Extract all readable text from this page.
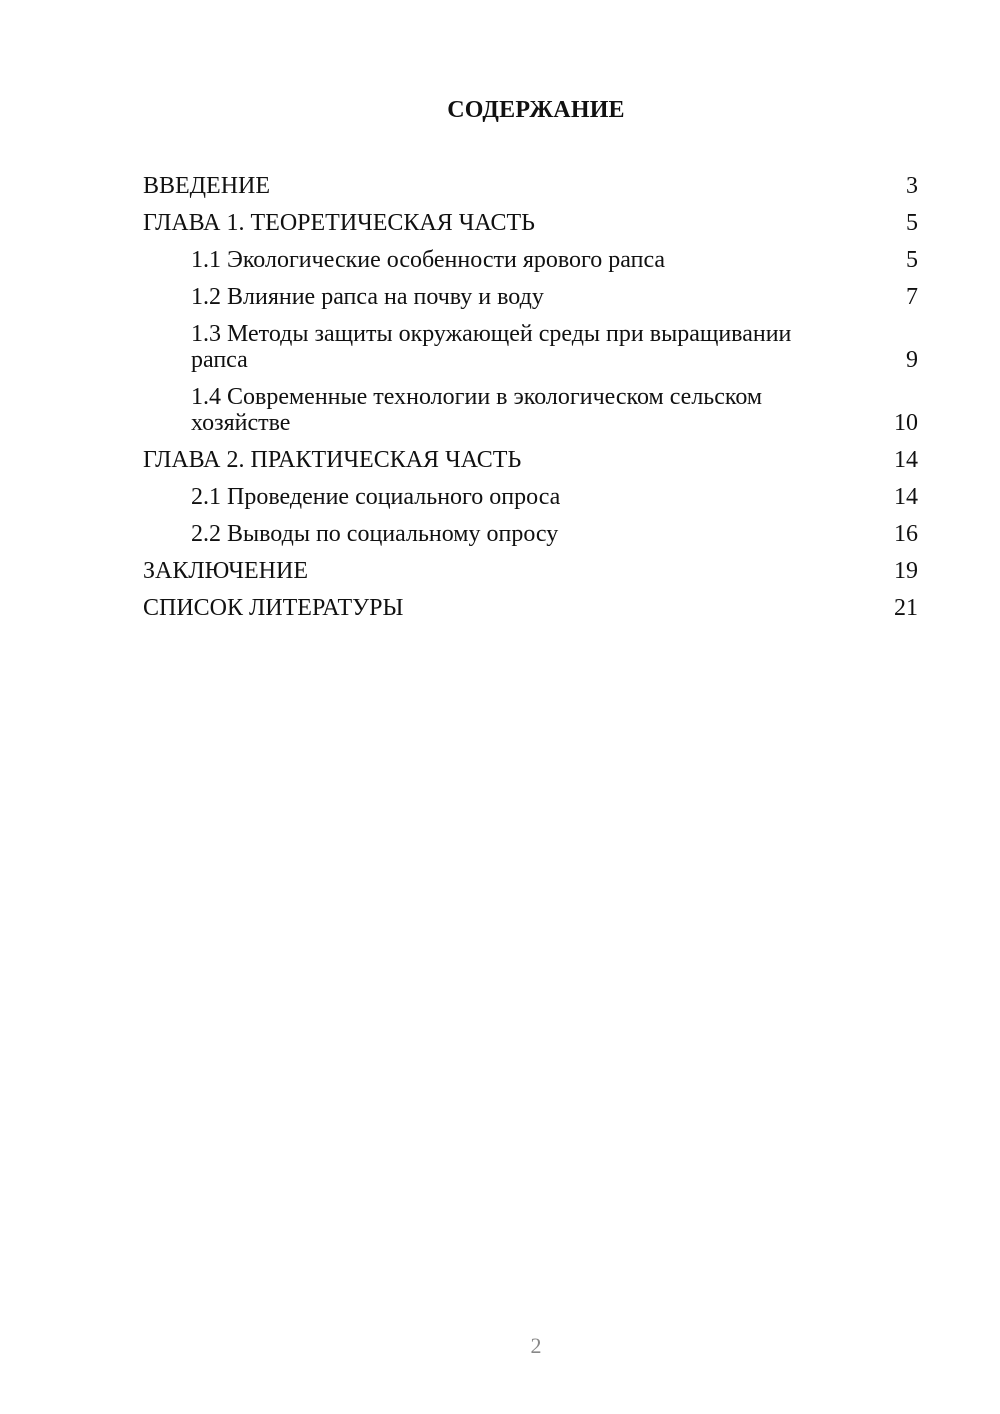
СОДЕРЖАНИЕ
ВВЕДЕНИЕ	3
ГЛАВА 1. ТЕОРЕТИЧЕСКАЯ ЧАСТЬ	5
1.1 Экологические особенности ярового рапса	5
1.2 Влияние рапса на почву и воду	7
1.3 Методы защиты окружающей среды при выращивании рапса	9
1.4 Современные технологии в экологическом сельском хозяйстве	10
ГЛАВА 2. ПРАКТИЧЕСКАЯ ЧАСТЬ	14
2.1 Проведение социального опроса	14
2.2 Выводы по социальному опросу	16
ЗАКЛЮЧЕНИЕ	19
СПИСОК ЛИТЕРАТУРЫ	21
2
